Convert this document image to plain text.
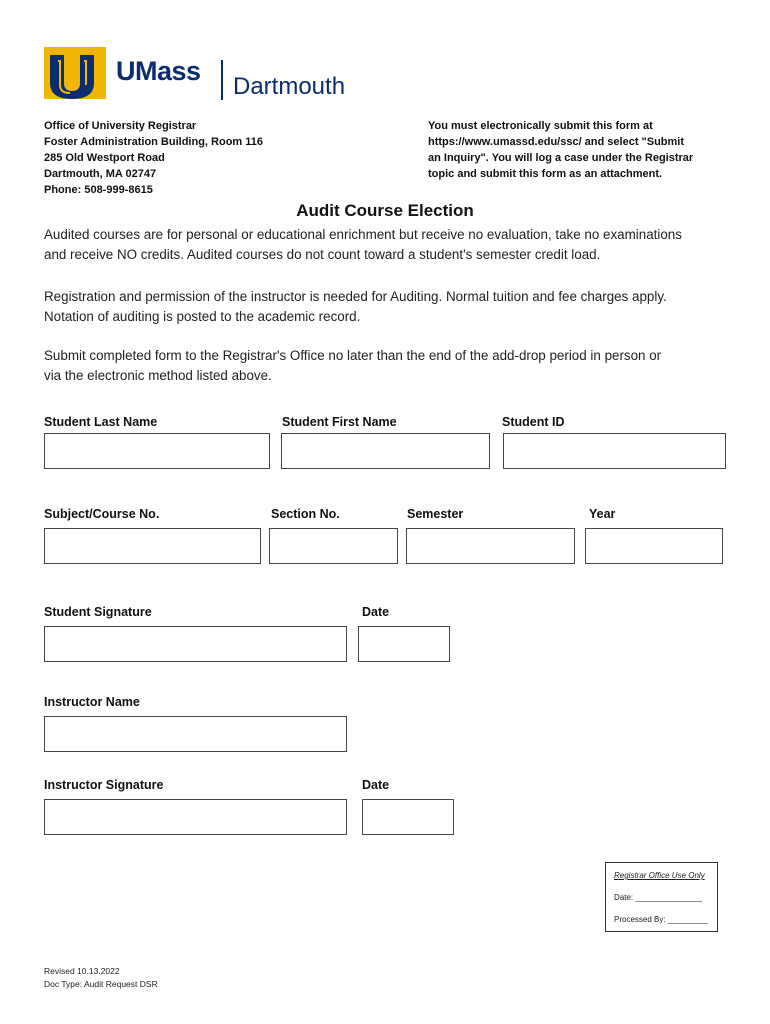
UMass
Dartmouth
Office of University Registrar
Foster Administration Building, Room 116
285 Old Westport Road
Dartmouth, MA 02747
Phone: 508-999-8615
You must electronically submit this form at
https://www.umassd.edu/ssc/ and select "Submit
an Inquiry". You will log a case under the Registrar
topic and submit this form as an attachment.
Audit Course Election
Audited courses are for personal or educational enrichment but receive no evaluation, take no examinations
and receive NO credits. Audited courses do not count toward a student's semester credit load.
Registration and permission of the instructor is needed for Auditing. Normal tuition and fee charges apply.
Notation of auditing is posted to the academic record.
Submit completed form to the Registrar's Office no later than the end of the add-drop period in person or
via the electronic method listed above.
Student Last Name	Student First Name	Student ID
Subject/Course No.	Section No.	Semester	Year
Student Signature	Date
Instructor Name
Instructor Signature	Date
Registrar Office Use Only
Date: _______________
Processed By: _________
Revised 10.13.2022
Doc Type: Audit Request DSR
